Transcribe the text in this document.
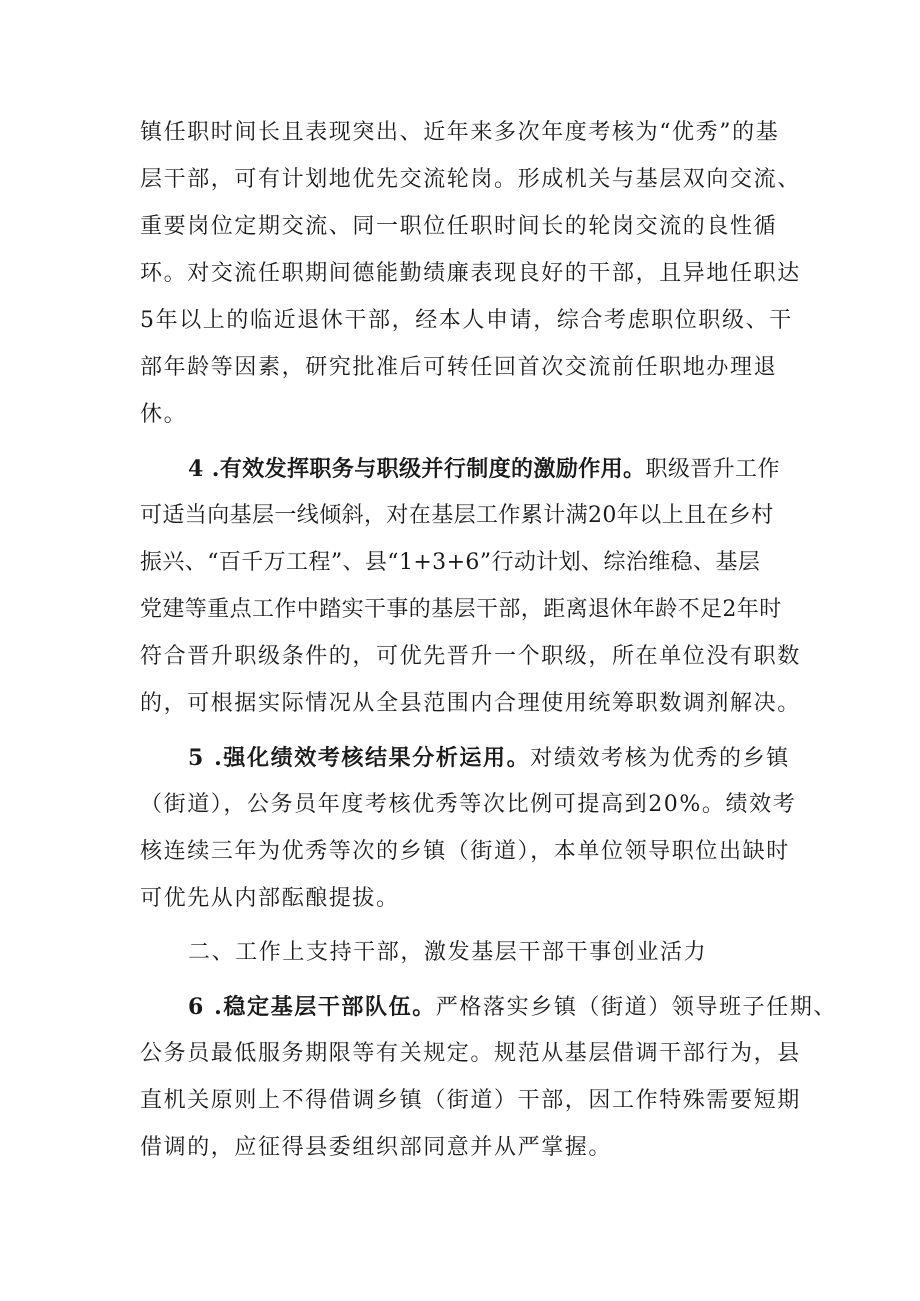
镇任职时间长且表现突出、近年来多次年度考核为“优秀”的基
层干部，可有计划地优先交流轮岗。形成机关与基层双向交流、
重要岗位定期交流、同一职位任职时间长的轮岗交流的良性循
环。对交流任职期间德能勤绩廉表现良好的干部，且异地任职达
5年以上的临近退休干部，经本人申请，综合考虑职位职级、干
部年龄等因素，研究批准后可转任回首次交流前任职地办理退
休。
4 .有效发挥职务与职级并行制度的激励作用。职级晋升工作
可适当向基层一线倾斜，对在基层工作累计满20年以上且在乡村
振兴、“百千万工程”、县“1+3+6”行动计划、综治维稳、基层
党建等重点工作中踏实干事的基层干部，距离退休年龄不足2年时
符合晋升职级条件的，可优先晋升一个职级，所在单位没有职数
的，可根据实际情况从全县范围内合理使用统筹职数调剂解决。
5 .强化绩效考核结果分析运用。对绩效考核为优秀的乡镇
（街道），公务员年度考核优秀等次比例可提高到20%。绩效考
核连续三年为优秀等次的乡镇（街道），本单位领导职位出缺时
可优先从内部酝酿提拔。
二、工作上支持干部，激发基层干部干事创业活力
6 .稳定基层干部队伍。严格落实乡镇（街道）领导班子任期、
公务员最低服务期限等有关规定。规范从基层借调干部行为，县
直机关原则上不得借调乡镇（街道）干部，因工作特殊需要短期
借调的，应征得县委组织部同意并从严掌握。
